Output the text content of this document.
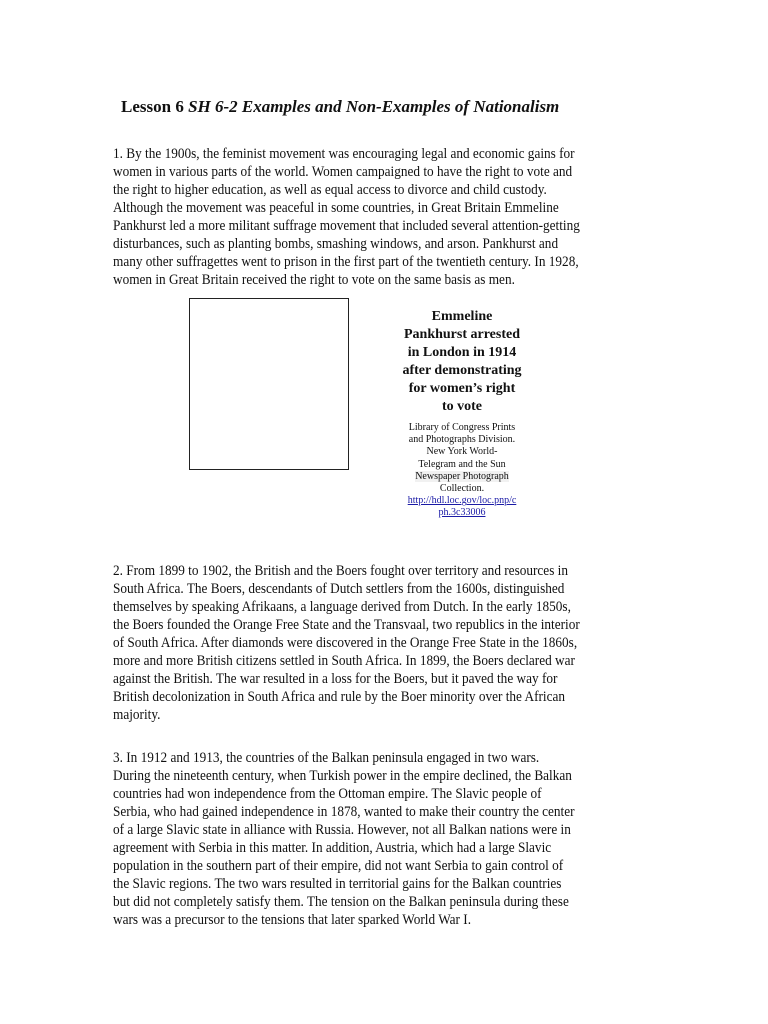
Lesson 6 SH 6-2 Examples and Non-Examples of Nationalism
1. By the 1900s, the feminist movement was encouraging legal and economic gains for
women in various parts of the world. Women campaigned to have the right to vote and
the right to higher education, as well as equal access to divorce and child custody.
Although the movement was peaceful in some countries, in Great Britain Emmeline
Pankhurst led a more militant suffrage movement that included several attention-getting
disturbances, such as planting bombs, smashing windows, and arson. Pankhurst and
many other suffragettes went to prison in the first part of the twentieth century. In 1928,
women in Great Britain received the right to vote on the same basis as men.
Emmeline
Pankhurst arrested
in London in 1914
after demonstrating
for women’s right
to vote
Library of Congress Prints
and Photographs Division.
New York World-
Telegram and the Sun
Newspaper Photograph
Collection.
http://hdl.loc.gov/loc.pnp/c
ph.3c33006
2. From 1899 to 1902, the British and the Boers fought over territory and resources in
South Africa. The Boers, descendants of Dutch settlers from the 1600s, distinguished
themselves by speaking Afrikaans, a language derived from Dutch. In the early 1850s,
the Boers founded the Orange Free State and the Transvaal, two republics in the interior
of South Africa. After diamonds were discovered in the Orange Free State in the 1860s,
more and more British citizens settled in South Africa. In 1899, the Boers declared war
against the British. The war resulted in a loss for the Boers, but it paved the way for
British decolonization in South Africa and rule by the Boer minority over the African
majority.
3. In 1912 and 1913, the countries of the Balkan peninsula engaged in two wars.
During the nineteenth century, when Turkish power in the empire declined, the Balkan
countries had won independence from the Ottoman empire. The Slavic people of
Serbia, who had gained independence in 1878, wanted to make their country the center
of a large Slavic state in alliance with Russia. However, not all Balkan nations were in
agreement with Serbia in this matter. In addition, Austria, which had a large Slavic
population in the southern part of their empire, did not want Serbia to gain control of
the Slavic regions. The two wars resulted in territorial gains for the Balkan countries
but did not completely satisfy them. The tension on the Balkan peninsula during these
wars was a precursor to the tensions that later sparked World War I.
